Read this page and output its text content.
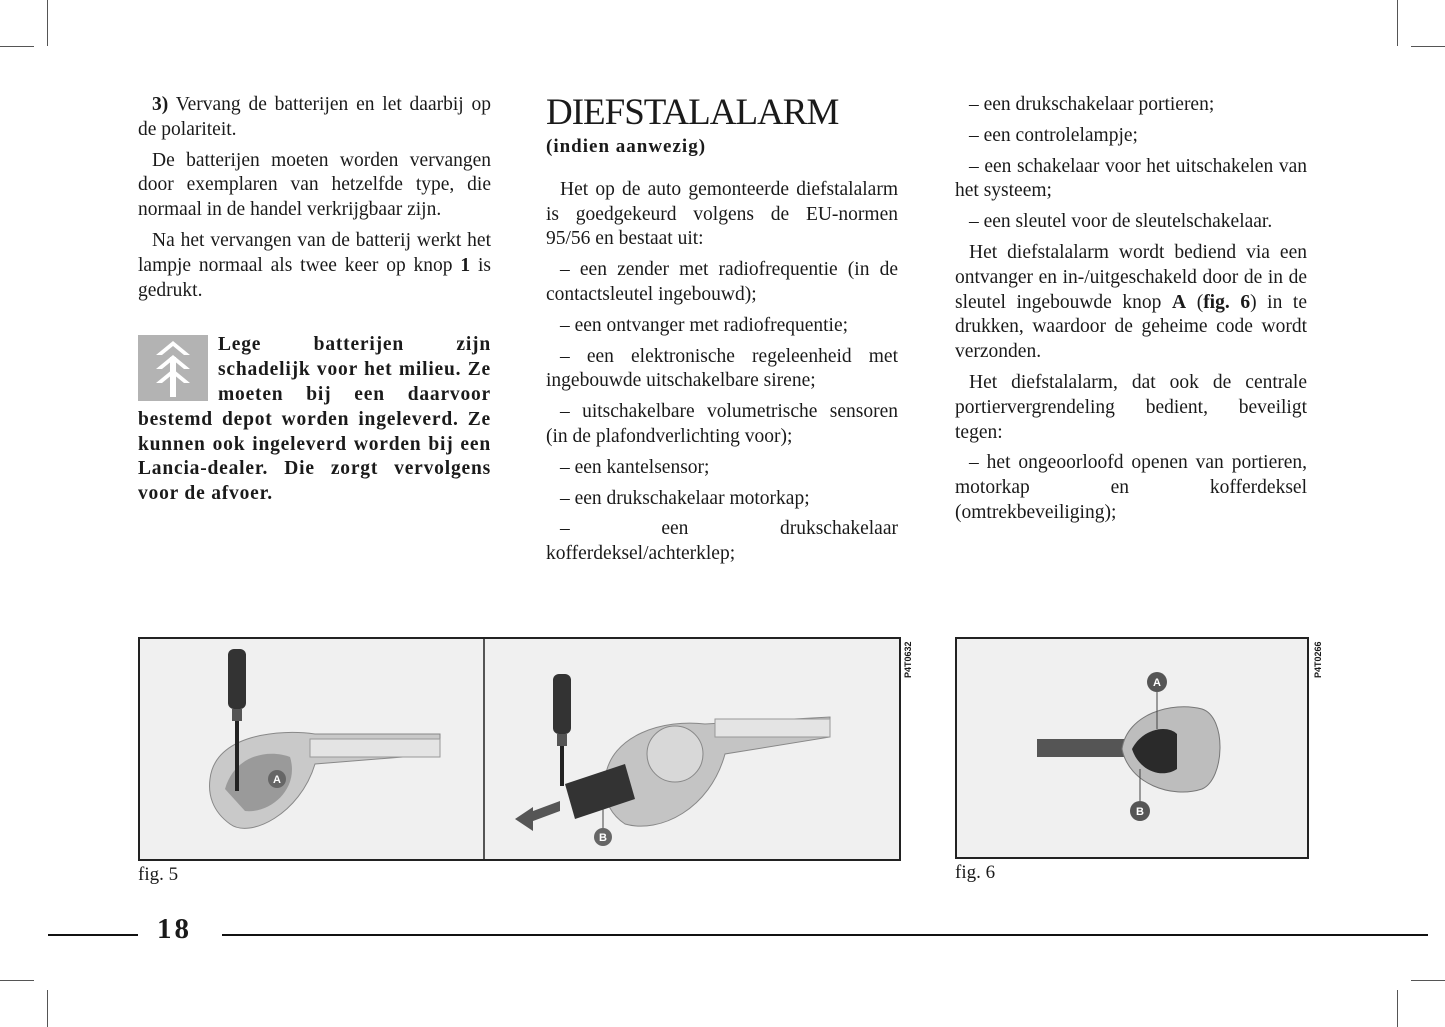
3) Vervang de batterijen en let daarbij op de polariteit.

De batterijen moeten worden vervangen door exemplaren van hetzelfde type, die normaal in de handel verkrijgbaar zijn.

Na het vervangen van de batterij werkt het lampje normaal als twee keer op knop 1 is gedrukt.

Lege batterijen zijn schadelijk voor het milieu. Ze moeten bij een daarvoor bestemd depot worden ingeleverd. Ze kunnen ook ingeleverd worden bij een Lancia-dealer. Die zorgt vervolgens voor de afvoer.
DIEFSTALALARM
(indien aanwezig)

Het op de auto gemonteerde diefstalalarm is goedgekeurd volgens de EU-normen 95/56 en bestaat uit:

– een zender met radiofrequentie (in de contactsleutel ingebouwd);

– een ontvanger met radiofrequentie;

– een elektronische regeleenheid met ingebouwde uitschakelbare sirene;

– uitschakelbare volumetrische sensoren (in de plafondverlichting voor);

– een kantelsensor;

– een drukschakelaar motorkap;

– een drukschakelaar kofferdeksel/achterklep;

– een drukschakelaar portieren;

– een controlelampje;

– een schakelaar voor het uitschakelen van het systeem;

– een sleutel voor de sleutelschakelaar.

Het diefstalalarm wordt bediend via een ontvanger en in-/uitgeschakeld door de in de sleutel ingebouwde knop A (fig. 6) in te drukken, waardoor de geheime code wordt verzonden.

Het diefstalalarm, dat ook de centrale portiervergrendeling bedient, beveiligt tegen:

– het ongeoorloofd openen van portieren, motorkap en kofferdeksel (omtrekbeveiliging);

A
B
P4T0632
fig. 5
A
B
P4T0266
fig. 6
18
